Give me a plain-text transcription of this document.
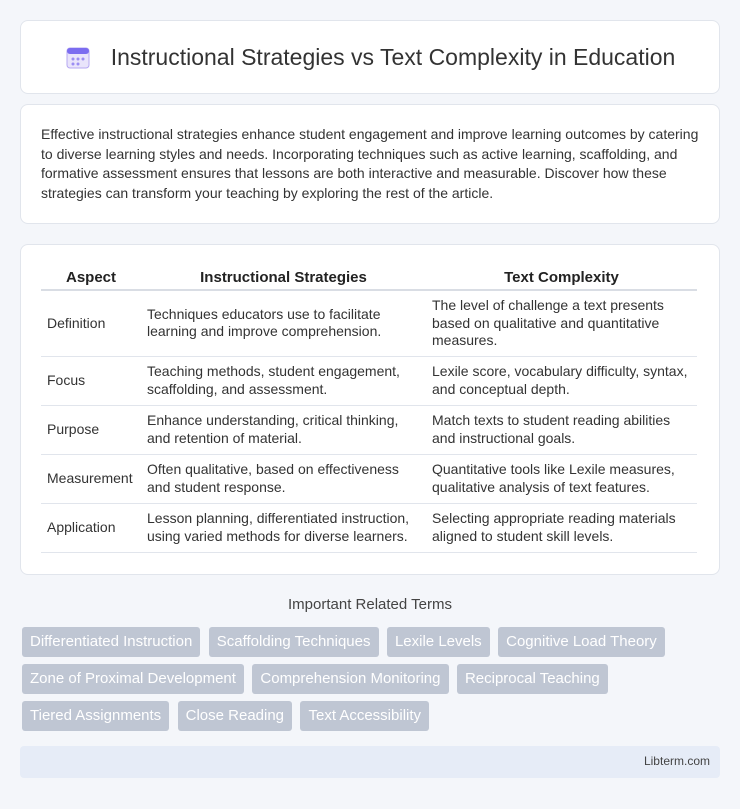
Instructional Strategies vs Text Complexity in Education

Effective instructional strategies enhance student engagement and improve learning outcomes by catering to diverse learning styles and needs. Incorporating techniques such as active learning, scaffolding, and formative assessment ensures that lessons are both interactive and measurable. Discover how these strategies can transform your teaching by exploring the rest of the article.

Aspect	Instructional Strategies	Text Complexity
Definition	Techniques educators use to facilitate learning and improve comprehension.	The level of challenge a text presents based on qualitative and quantitative measures.
Focus	Teaching methods, student engagement, scaffolding, and assessment.	Lexile score, vocabulary difficulty, syntax, and conceptual depth.
Purpose	Enhance understanding, critical thinking, and retention of material.	Match texts to student reading abilities and instructional goals.
Measurement	Often qualitative, based on effectiveness and student response.	Quantitative tools like Lexile measures, qualitative analysis of text features.
Application	Lesson planning, differentiated instruction, using varied methods for diverse learners.	Selecting appropriate reading materials aligned to student skill levels.
Important Related Terms
Differentiated Instruction Scaffolding Techniques Lexile Levels Cognitive Load Theory Zone of Proximal Development Comprehension Monitoring Reciprocal Teaching Tiered Assignments Close Reading Text Accessibility
Libterm.com
